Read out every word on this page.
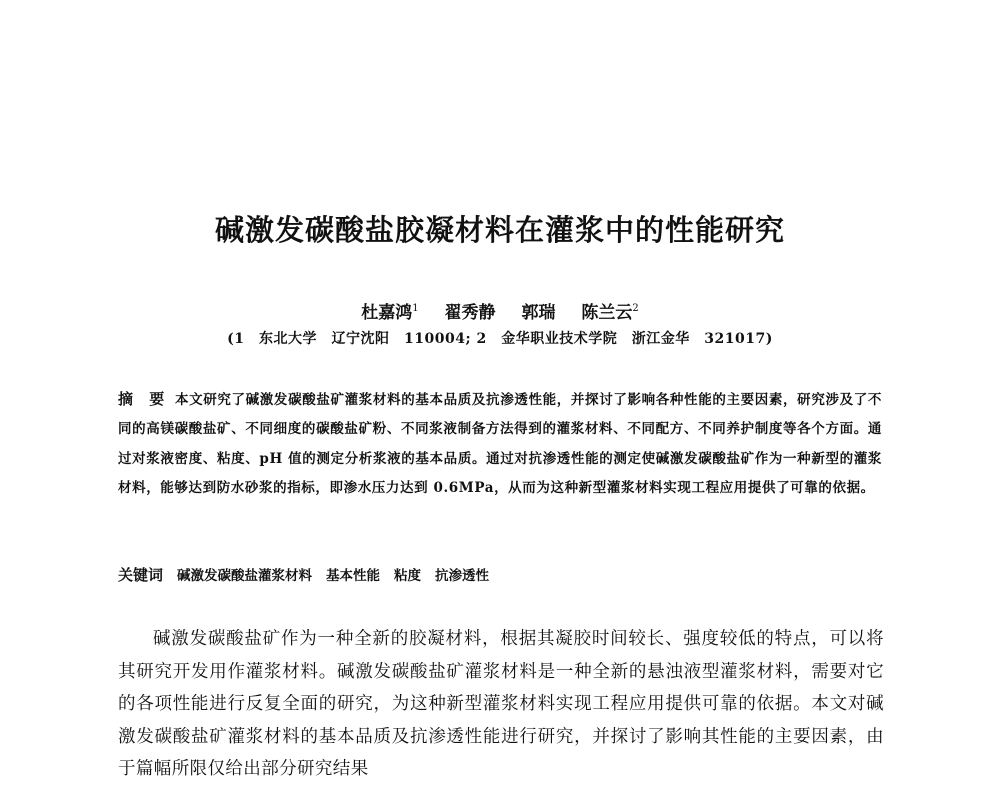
碱激发碳酸盐胶凝材料在灌浆中的性能研究
杜嘉鸿$^1$ 翟秀静 郭瑞 陈兰云$^2$
(1　东北大学　辽宁沈阳　110004; 2　金华职业技术学院　浙江金华　321017)
摘　要 本文研究了碱激发碳酸盐矿灌浆材料的基本品质及抗渗透性能，并探讨了影响各种性能的主要因素，研究涉及了不同的高镁碳酸盐矿、不同细度的碳酸盐矿粉、不同浆液制备方法得到的灌浆材料、不同配方、不同养护制度等各个方面。通过对浆液密度、粘度、pH 值的测定分析浆液的基本品质。通过对抗渗透性能的测定使碱激发碳酸盐矿作为一种新型的灌浆材料，能够达到防水砂浆的指标，即渗水压力达到 0.6MPa，从而为这种新型灌浆材料实现工程应用提供了可靠的依据。
关键词 碱激发碳酸盐灌浆材料 基本性能 粘度 抗渗透性
碱激发碳酸盐矿作为一种全新的胶凝材料，根据其凝胶时间较长、强度较低的特点，可以将其研究开发用作灌浆材料。碱激发碳酸盐矿灌浆材料是一种全新的悬浊液型灌浆材料，需要对它的各项性能进行反复全面的研究，为这种新型灌浆材料实现工程应用提供可靠的依据。本文对碱激发碳酸盐矿灌浆材料的基本品质及抗渗透性能进行研究，并探讨了影响其性能的主要因素，由于篇幅所限仅给出部分研究结果
